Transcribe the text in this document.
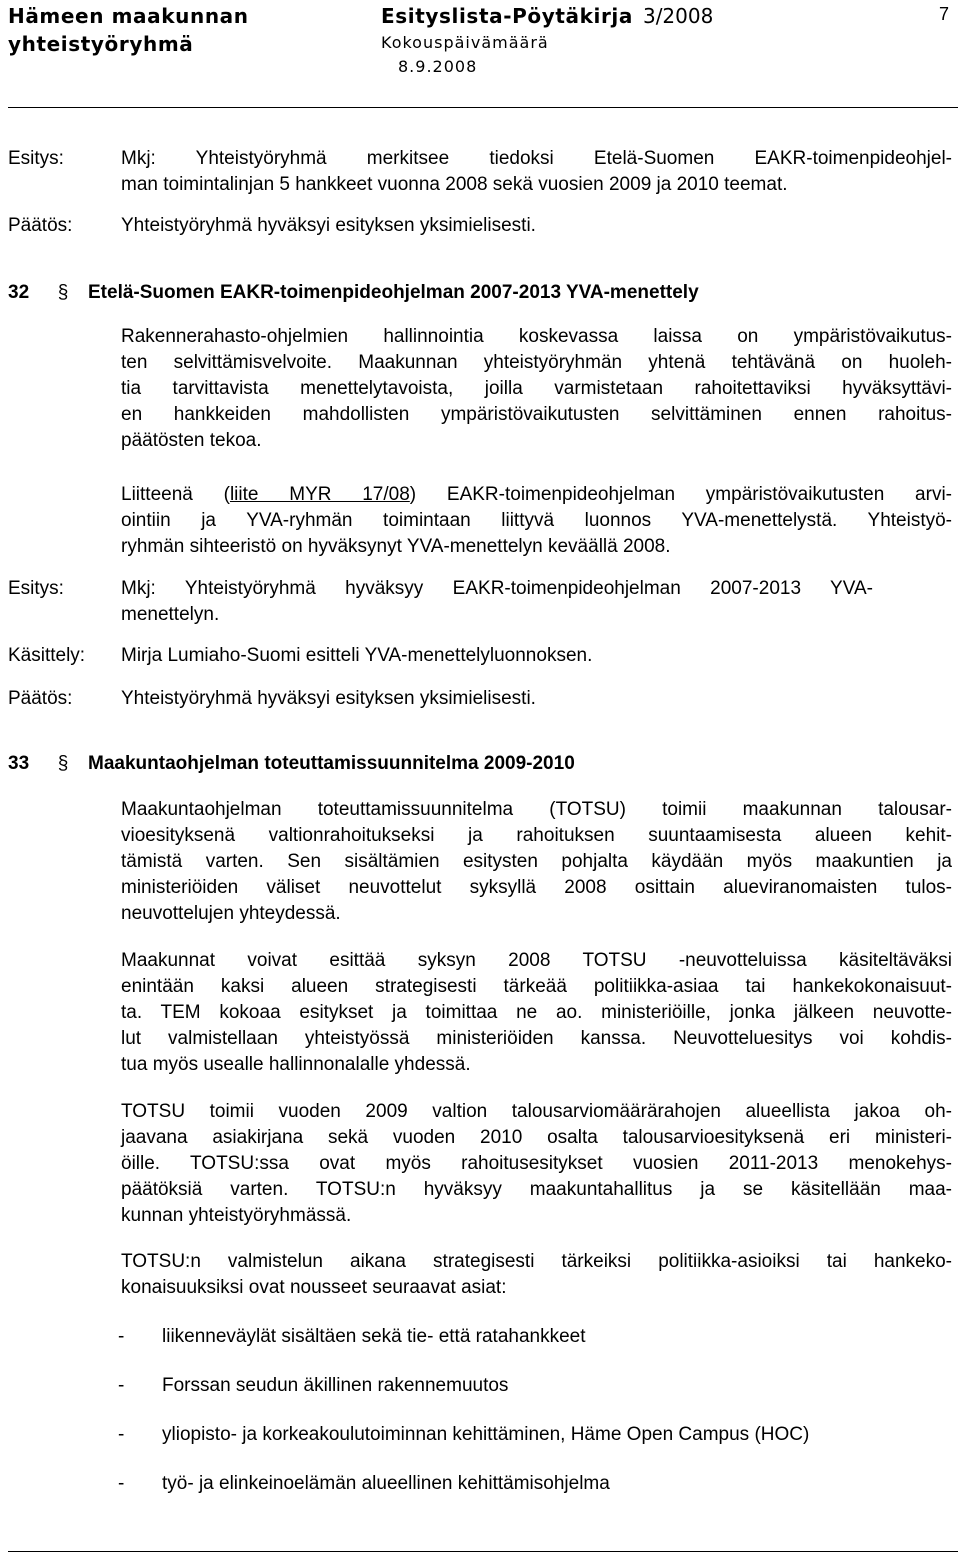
Hämeen maakunnan
yhteistyöryhmä
Esityslista-Pöytäkirja 3/2008
Kokouspäivämäärä
8.9.2008
7
Esitys:	Mkj: Yhteistyöryhmä merkitsee tiedoksi Etelä-Suomen EAKR-toimenpideohjel-
man toimintalinjan 5 hankkeet vuonna 2008 sekä vuosien 2009 ja 2010 teemat.
Päätös:	Yhteistyöryhmä hyväksyi esityksen yksimielisesti.
32 § Etelä-Suomen EAKR-toimenpideohjelman 2007-2013 YVA-menettely
Rakennerahasto-ohjelmien hallinnointia koskevassa laissa on ympäristövaikutus-
ten selvittämisvelvoite. Maakunnan yhteistyöryhmän yhtenä tehtävänä on huoleh-
tia tarvittavista menettelytavoista, joilla varmistetaan rahoitettaviksi hyväksyttävi-
en hankkeiden mahdollisten ympäristövaikutusten selvittäminen ennen rahoitus-
päätösten tekoa.
Liitteenä (liite MYR 17/08) EAKR-toimenpideohjelman ympäristövaikutusten arvi-
ointiin ja YVA-ryhmän toimintaan liittyvä luonnos YVA-menettelystä. Yhteistyö-
ryhmän sihteeristö on hyväksynyt YVA-menettelyn keväällä 2008.
Esitys:	Mkj: Yhteistyöryhmä hyväksyy EAKR-toimenpideohjelman 2007-2013 YVA-
menettelyn.
Käsittely: Mirja Lumiaho-Suomi esitteli YVA-menettelyluonnoksen.
Päätös:	Yhteistyöryhmä hyväksyi esityksen yksimielisesti.
33 § Maakuntaohjelman toteuttamissuunnitelma 2009-2010
Maakuntaohjelman toteuttamissuunnitelma (TOTSU) toimii maakunnan talousar-
vioesityksenä valtionrahoitukseksi ja rahoituksen suuntaamisesta alueen kehit-
tämistä varten. Sen sisältämien esitysten pohjalta käydään myös maakuntien ja
ministeriöiden väliset neuvottelut syksyllä 2008 osittain alueviranomaisten tulos-
neuvottelujen yhteydessä.
Maakunnat voivat esittää syksyn 2008 TOTSU -neuvotteluissa käsiteltäväksi
enintään kaksi alueen strategisesti tärkeää politiikka-asiaa tai hankekokonaisuut-
ta. TEM kokoaa esitykset ja toimittaa ne ao. ministeriöille, jonka jälkeen neuvotte-
lut valmistellaan yhteistyössä ministeriöiden kanssa. Neuvotteluesitys voi kohdis-
tua myös usealle hallinnonalalle yhdessä.
TOTSU toimii vuoden 2009 valtion talousarviomäärärahojen alueellista jakoa oh-
jaavana asiakirjana sekä vuoden 2010 osalta talousarvioesityksenä eri ministeri-
öille. TOTSU:ssa ovat myös rahoitusesitykset vuosien 2011-2013 menokehys-
päätöksiä varten. TOTSU:n hyväksyy maakuntahallitus ja se käsitellään maa-
kunnan yhteistyöryhmässä.
TOTSU:n valmistelun aikana strategisesti tärkeiksi politiikka-asioiksi tai hankeko-
konaisuuksiksi ovat nousseet seuraavat asiat:
- liikenneväylät sisältäen sekä tie- että ratahankkeet
- Forssan seudun äkillinen rakennemuutos
- yliopisto- ja korkeakoulutoiminnan kehittäminen, Häme Open Campus (HOC)
- työ- ja elinkeinoelämän alueellinen kehittämisohjelma
